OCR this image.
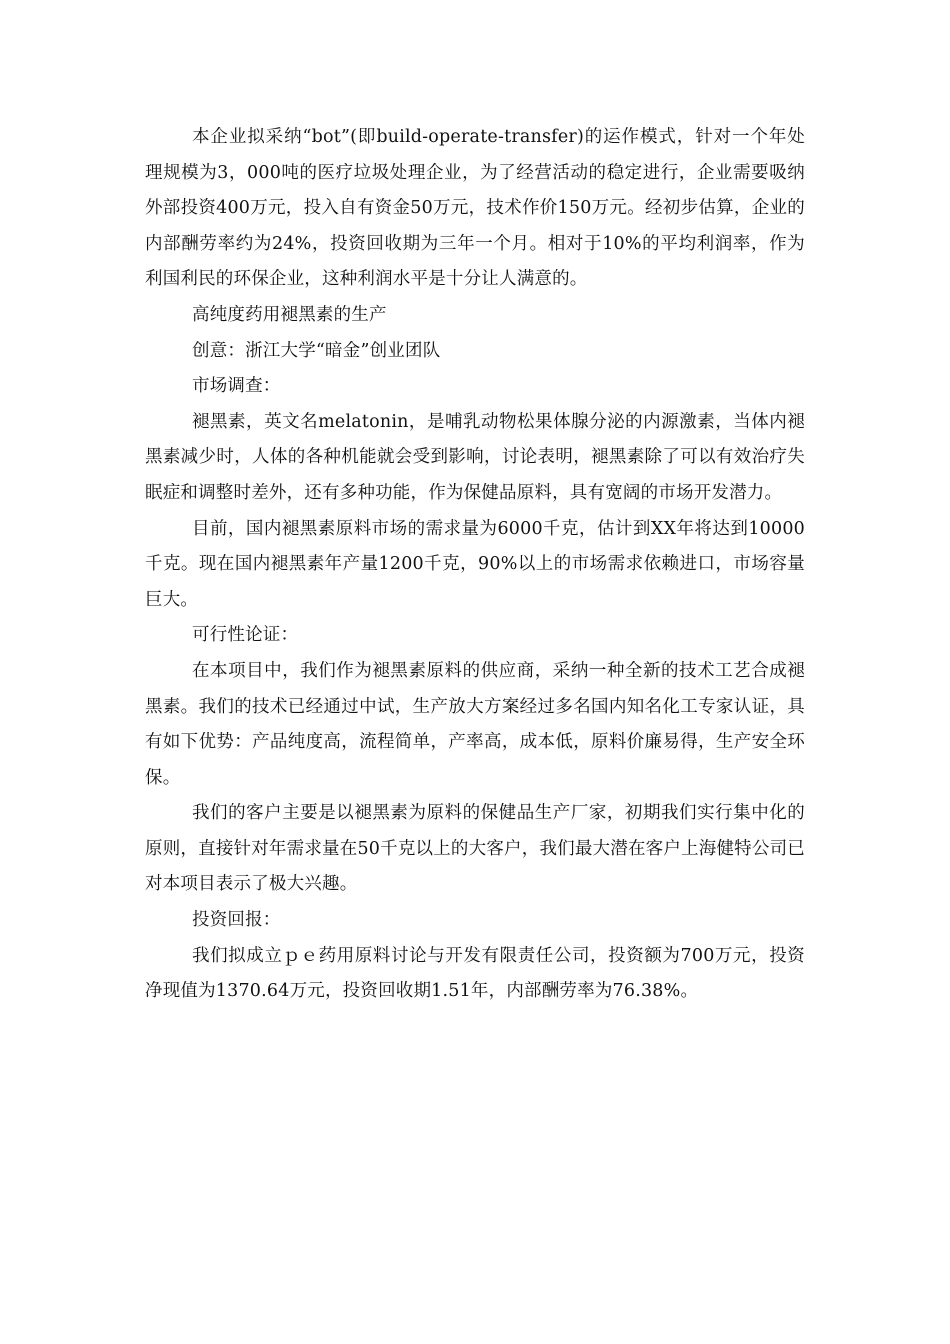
本企业拟采纳“bot”(即build-operate-transfer)的运作模式，针对一个年处理规模为3，000吨的医疗垃圾处理企业，为了经营活动的稳定进行，企业需要吸纳外部投资400万元，投入自有资金50万元，技术作价150万元。经初步估算，企业的内部酬劳率约为24%，投资回收期为三年一个月。相对于10%的平均利润率，作为利国利民的环保企业，这种利润水平是十分让人满意的。

高纯度药用褪黑素的生产

创意：浙江大学“暗金”创业团队

市场调查：

褪黑素，英文名melatonin，是哺乳动物松果体腺分泌的内源激素，当体内褪黑素减少时，人体的各种机能就会受到影响，讨论表明，褪黑素除了可以有效治疗失眠症和调整时差外，还有多种功能，作为保健品原料，具有宽阔的市场开发潜力。

目前，国内褪黑素原料市场的需求量为6000千克，估计到XX年将达到10000千克。现在国内褪黑素年产量1200千克，90%以上的市场需求依赖进口，市场容量巨大。

可行性论证：

在本项目中，我们作为褪黑素原料的供应商，采纳一种全新的技术工艺合成褪黑素。我们的技术已经通过中试，生产放大方案经过多名国内知名化工专家认证，具有如下优势：产品纯度高，流程简单，产率高，成本低，原料价廉易得，生产安全环保。

我们的客户主要是以褪黑素为原料的保健品生产厂家，初期我们实行集中化的原则，直接针对年需求量在50千克以上的大客户，我们最大潜在客户上海健特公司已对本项目表示了极大兴趣。

投资回报：

我们拟成立ｐｅ药用原料讨论与开发有限责任公司，投资额为700万元，投资净现值为1370.64万元，投资回收期1.51年，内部酬劳率为76.38%。
